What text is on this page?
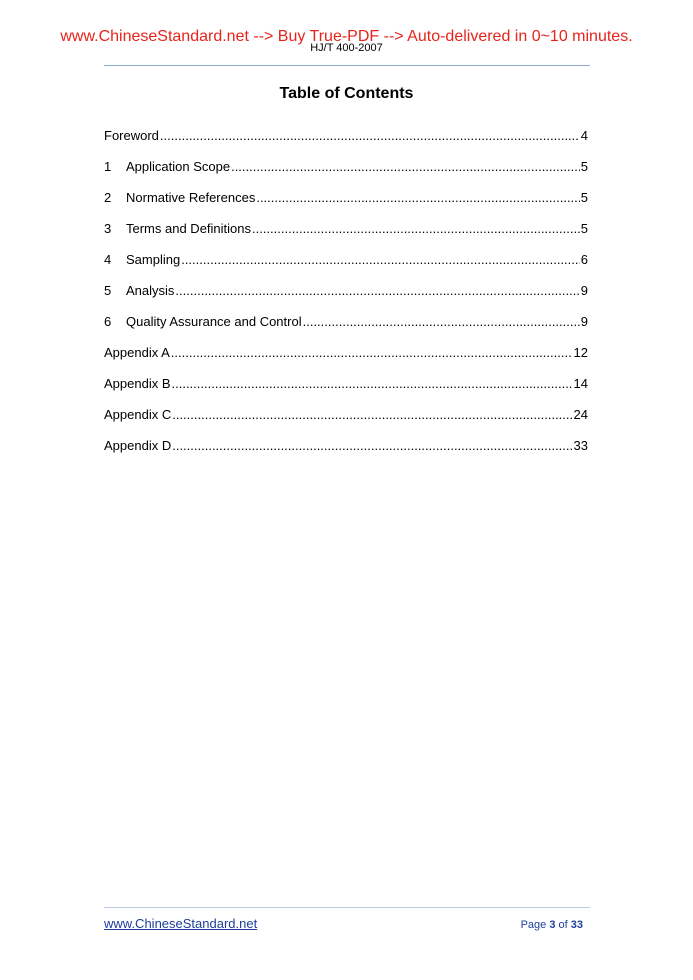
www.ChineseStandard.net --> Buy True-PDF --> Auto-delivered in 0~10 minutes.
HJ/T 400-2007
Table of Contents
Foreword .....	4
1	Application Scope .....	5
2	Normative References .....	5
3	Terms and Definitions .....	5
4	Sampling .....	6
5	Analysis .....	9
6	Quality Assurance and Control .....	9
Appendix A .....	12
Appendix B .....	14
Appendix C .....	24
Appendix D .....	33
www.ChineseStandard.net	Page 3 of 33
